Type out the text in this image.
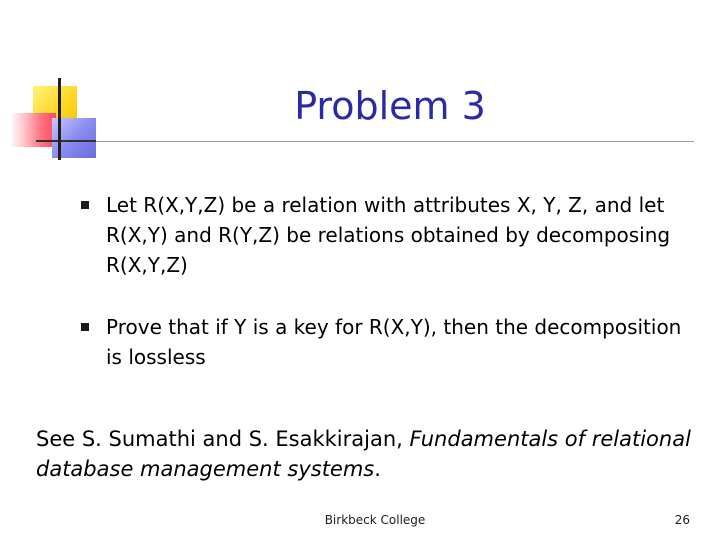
Problem 3
Let R(X,Y,Z) be a relation with attributes X, Y, Z, and let R(X,Y) and R(Y,Z) be relations obtained by decomposing R(X,Y,Z)
Prove that if Y is a key for R(X,Y), then the decomposition is lossless
See S. Sumathi and S. Esakkirajan, Fundamentals of relational database management systems.
Birkbeck College	26
